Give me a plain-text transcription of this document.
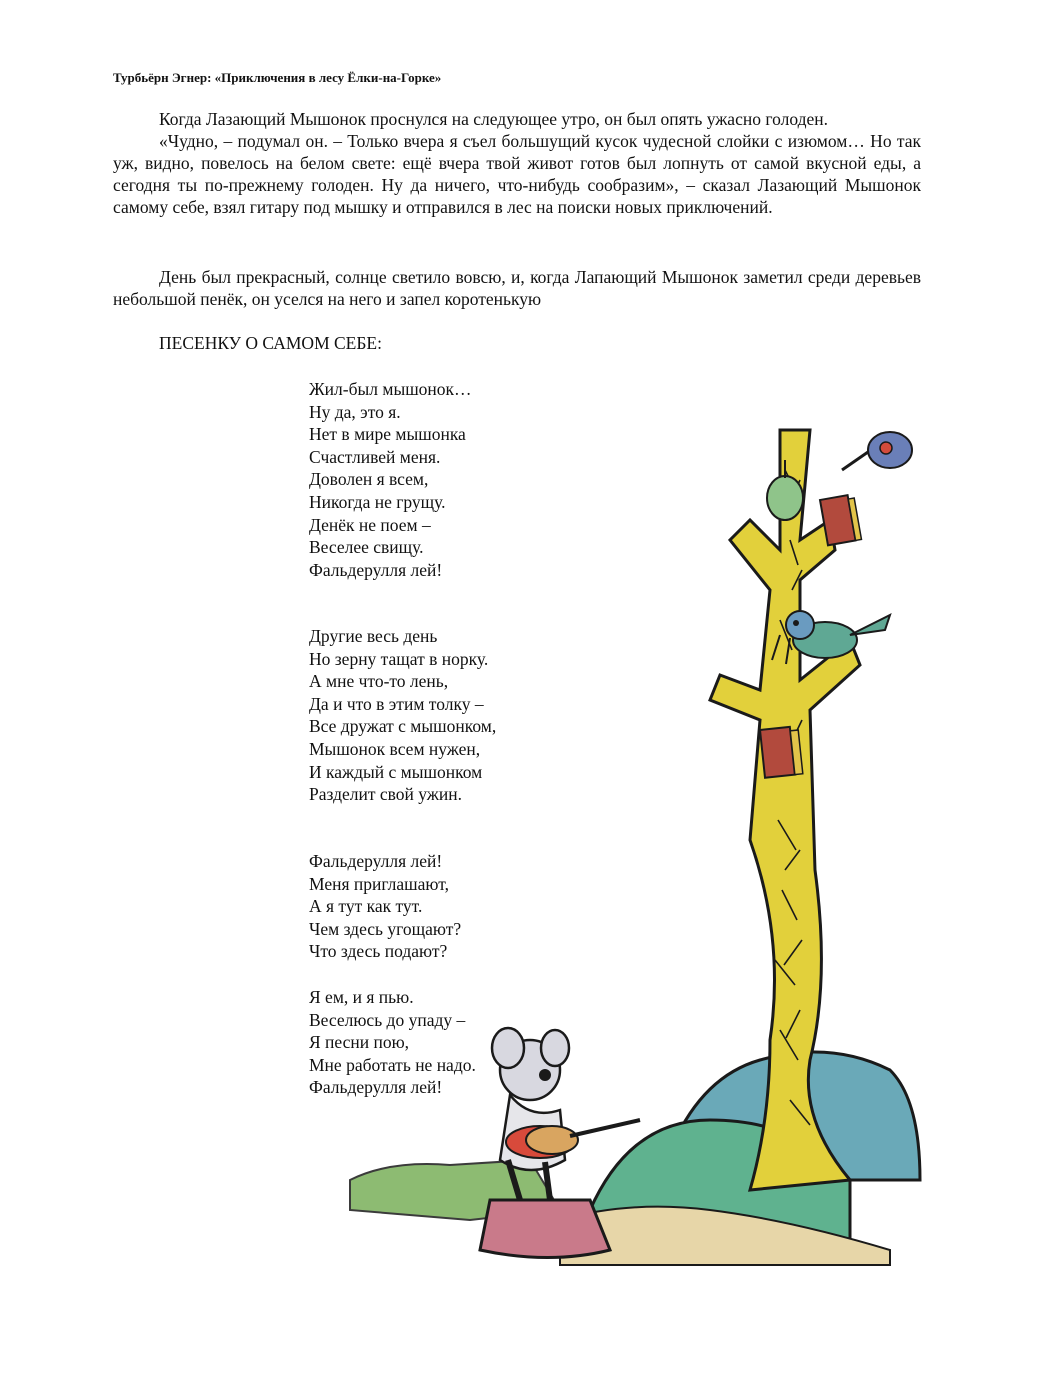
Турбьёрн Эгнер: «Приключения в лесу Ёлки-на-Горке»

Когда Лазающий Мышонок проснулся на следующее утро, он был опять ужасно голоден.

«Чудно, – подумал он. – Только вчера я съел большущий кусок чудесной слойки с изюмом… Но так уж, видно, повелось на белом свете: ещё вчера твой живот готов был лопнуть от самой вкусной еды, а сегодня ты по-прежнему голоден. Ну да ничего, что-нибудь сообразим», – сказал Лазающий Мышонок самому себе, взял гитару под мышку и отправился в лес на поиски новых приключений.

День был прекрасный, солнце светило вовсю, и, когда Лапающий Мышонок заметил среди деревьев небольшой пенёк, он уселся на него и запел коротенькую

ПЕСЕНКУ О САМОМ СЕБЕ:
Жил-был мышонок…
Ну да, это я.
Нет в мире мышонка
Счастливей меня.
Доволен я всем,
Никогда не грущу.
Денёк не поем –
Веселее свищу.
Фальдерулля лей!
Другие весь день
Но зерну тащат в норку.
А мне что-то лень,
Да и что в этим толку –
Все дружат с мышонком,
Мышонок всем нужен,
И каждый с мышонком
Разделит свой ужин.
Фальдерулля лей!
Меня приглашают,
А я тут как тут.
Чем здесь угощают?
Что здесь подают?
Я ем, и я пью.
Веселюсь до упаду –
Я песни пою,
Мне работать не надо.
Фальдерулля лей!
